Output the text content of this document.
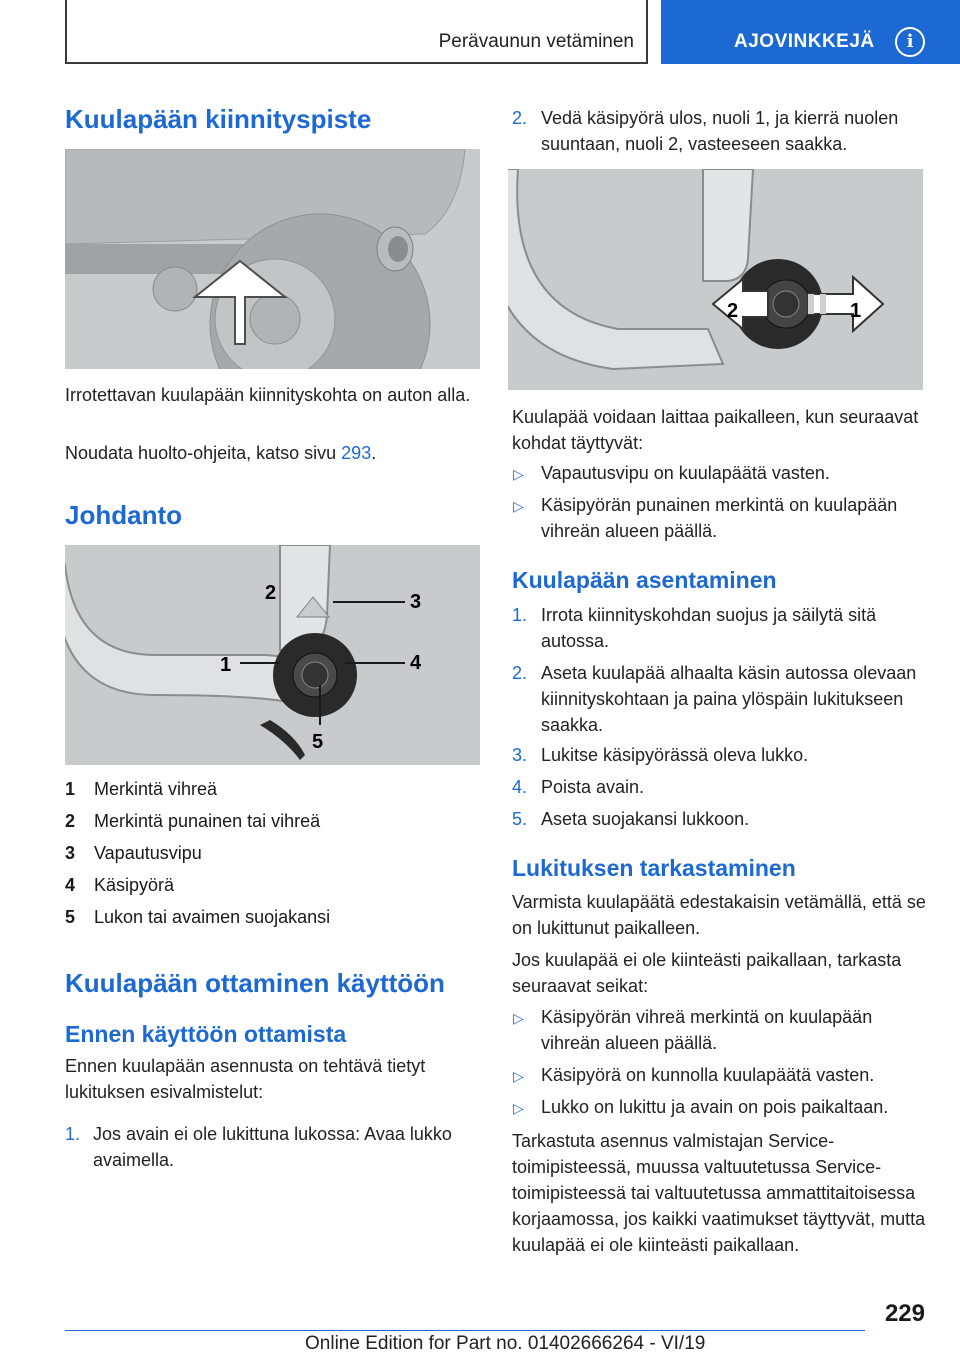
Perävaunun vetäminen	AJOVINKKEJÄ	i
Kuulapään kiinnityspiste

Irrotettavan kuulapään kiinnityskohta on auton alla.

Noudata huolto-ohjeita, katso sivu 293.

Johdanto
2	3
4
1
5
1 Merkintä vihreä
2 Merkintä punainen tai vihreä
3 Vapautusvipu
4 Käsipyörä
5 Lukon tai avaimen suojakansi
Kuulapään ottaminen käyttöön
Ennen käyttöön ottamista

Ennen kuulapään asennusta on tehtävä tietyt lukituksen esivalmistelut:

1. Jos avain ei ole lukittuna lukossa: Avaa lukko avaimella.

2. Vedä käsipyörä ulos, nuoli 1, ja kierrä nuolen suuntaan, nuoli 2, vasteeseen saakka.

2	1

Kuulapää voidaan laittaa paikalleen, kun seuraavat kohdat täyttyvät:

▷ Vapautusvipu on kuulapäätä vasten.

▷ Käsipyörän punainen merkintä on kuulapään vihreän alueen päällä.

Kuulapään asentaminen
1. Irrota kiinnityskohdan suojus ja säilytä sitä autossa.

2. Aseta kuulapää alhaalta käsin autossa olevaan kiinnityskohtaan ja paina ylöspäin lukitukseen saakka.

3. Lukitse käsipyörässä oleva lukko.

4. Poista avain.

5. Aseta suojakansi lukkoon.

Lukituksen tarkastaminen

Varmista kuulapäätä edestakaisin vetämällä, että se on lukittunut paikalleen.

Jos kuulapää ei ole kiinteästi paikallaan, tarkasta seuraavat seikat:

▷ Käsipyörän vihreä merkintä on kuulapään vihreän alueen päällä.

▷ Käsipyörä on kunnolla kuulapäätä vasten.

▷ Lukko on lukittu ja avain on pois paikaltaan.

Tarkastuta asennus valmistajan Service-toimipisteessä, muussa valtuutetussa Service-toimipisteessä tai valtuutetussa ammattitaitoisessa korjaamossa, jos kaikki vaatimukset täyttyvät, mutta kuulapää ei ole kiinteästi paikallaan.

229
Online Edition for Part no. 01402666264 - VI/19
